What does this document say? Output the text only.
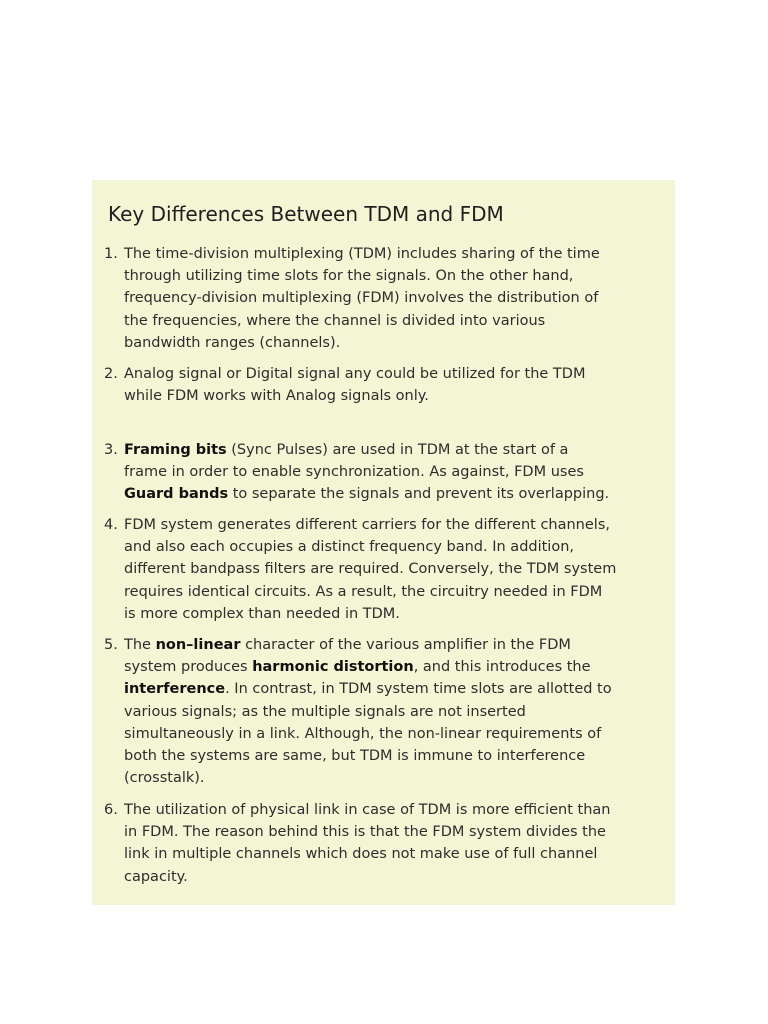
Key Differences Between TDM and FDM
1. The time-division multiplexing (TDM) includes sharing of the time
through utilizing time slots for the signals. On the other hand,
frequency-division multiplexing (FDM) involves the distribution of
the frequencies, where the channel is divided into various
bandwidth ranges (channels).
2. Analog signal or Digital signal any could be utilized for the TDM
while FDM works with Analog signals only.
3. Framing bits (Sync Pulses) are used in TDM at the start of a
frame in order to enable synchronization. As against, FDM uses
Guard bands to separate the signals and prevent its overlapping.
4. FDM system generates different carriers for the different channels,
and also each occupies a distinct frequency band. In addition,
different bandpass filters are required. Conversely, the TDM system
requires identical circuits. As a result, the circuitry needed in FDM
is more complex than needed in TDM.
5. The non–linear character of the various amplifier in the FDM
system produces harmonic distortion, and this introduces the
interference. In contrast, in TDM system time slots are allotted to
various signals; as the multiple signals are not inserted
simultaneously in a link. Although, the non-linear requirements of
both the systems are same, but TDM is immune to interference
(crosstalk).
6. The utilization of physical link in case of TDM is more efficient than
in FDM. The reason behind this is that the FDM system divides the
link in multiple channels which does not make use of full channel
capacity.
